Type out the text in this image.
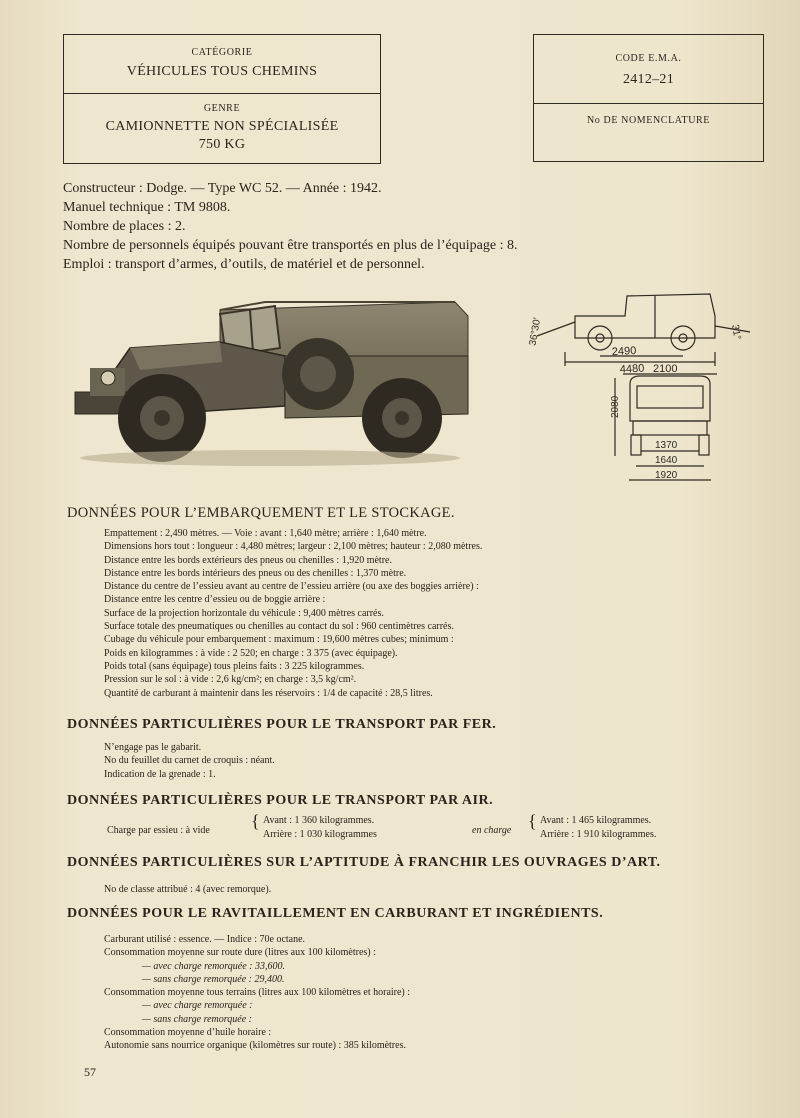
CATÉGORIE
VÉHICULES TOUS CHEMINS
GENRE
CAMIONNETTE NON SPÉCIALISÉE
750 KG
CODE E.M.A.
2412–21
No DE NOMENCLATURE
Constructeur : Dodge. — Type WC 52. — Année : 1942.
Manuel technique : TM 9808.
Nombre de places : 2.
Nombre de personnels équipés pouvant être transportés en plus de l’équipage : 8.
Emploi : transport d’armes, d’outils, de matériel et de personnel.
2490
4480
36°30'	31°
2100
2080
1370
1640
1920
DONNÉES POUR L’EMBARQUEMENT ET LE STOCKAGE.
Empattement : 2,490 mètres. — Voie : avant : 1,640 mètre; arrière : 1,640 mètre.
Dimensions hors tout : longueur : 4,480 mètres; largeur : 2,100 mètres; hauteur : 2,080 mètres.
Distance entre les bords extérieurs des pneus ou chenilles : 1,920 mètre.
Distance entre les bords intérieurs des pneus ou des chenilles : 1,370 mètre.
Distance du centre de l’essieu avant au centre de l’essieu arrière (ou axe des boggies arrière) :
Distance entre les centre d’essieu ou de boggie arrière :
Surface de la projection horizontale du véhicule : 9,400 mètres carrés.
Surface totale des pneumatiques ou chenilles au contact du sol : 960 centimètres carrés.
Cubage du véhicule pour embarquement : maximum : 19,600 mètres cubes; minimum :
Poids en kilogrammes : à vide : 2 520; en charge : 3 375 (avec équipage).
Poids total (sans équipage) tous pleins faits : 3 225 kilogrammes.
Pression sur le sol : à vide : 2,6 kg/cm²; en charge : 3,5 kg/cm².
Quantité de carburant à maintenir dans les réservoirs : 1/4 de capacité : 28,5 litres.
DONNÉES PARTICULIÈRES POUR LE TRANSPORT PAR FER.
N’engage pas le gabarit.
No du feuillet du carnet de croquis : néant.
Indication de la grenade : 1.
DONNÉES PARTICULIÈRES POUR LE TRANSPORT PAR AIR.
Charge par essieu : à vide { Avant : 1 360 kilogrammes.
Arrière : 1 030 kilogrammes	en charge { Avant : 1 465 kilogrammes.
Arrière : 1 910 kilogrammes.
DONNÉES PARTICULIÈRES SUR L’APTITUDE À FRANCHIR LES OUVRAGES D’ART.
No de classe attribué : 4 (avec remorque).
DONNÉES POUR LE RAVITAILLEMENT EN CARBURANT ET INGRÉDIENTS.
Carburant utilisé : essence. — Indice : 70e octane.
Consommation moyenne sur route dure (litres aux 100 kilomètres) :
— avec charge remorquée : 33,600.
— sans charge remorquée : 29,400.
Consommation moyenne tous terrains (litres aux 100 kilomètres et horaire) :
— avec charge remorquée :
— sans charge remorquée :
Consommation moyenne d’huile horaire :
Autonomie sans nourrice organique (kilomètres sur route) : 385 kilomètres.
57
